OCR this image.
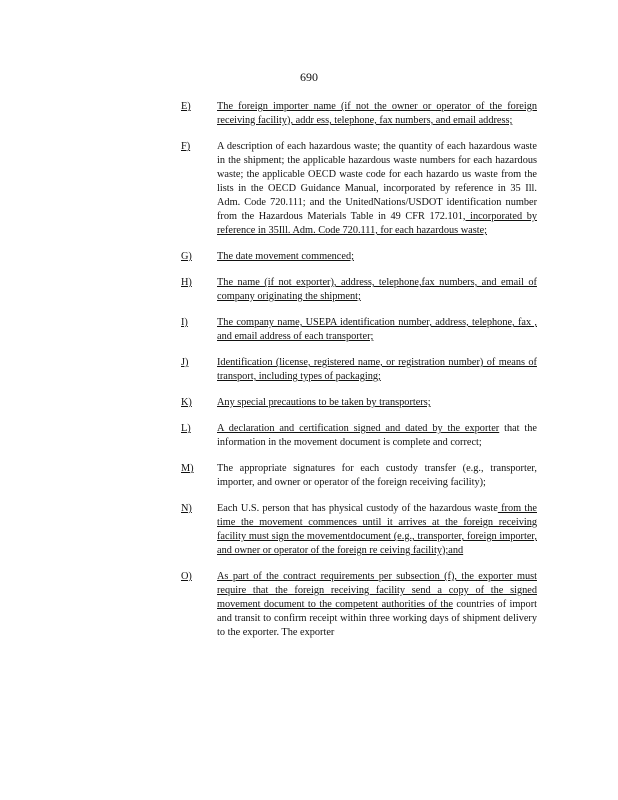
690
E)	The foreign importer name (if not the owner or operator of the foreign receiving facility), addr ess, telephone, fax numbers, and email address;
F)	A description of each hazardous waste; the quantity of each hazardous waste in the shipment; the applicable hazardous waste numbers for each hazardous waste; the applicable OECD waste code for each hazardo us waste from the lists in the OECD Guidance Manual, incorporated by reference in 35 Ill. Adm. Code 720.111; and the UnitedNations/USDOT identification number from the Hazardous Materials Table in 49 CFR 172.101, incorporated by reference in 35Ill. Adm. Code 720.111, for each hazardous waste;
G)	The date movement commenced;
H)	The name (if not exporter), address, telephone,fax numbers, and email of company originating the shipment;
I)	The company name, USEPA identification number, address, telephone, fax , and email address of each transporter;
J)	Identification (license, registered name, or registration number) of means of transport, including types of packaging;
K)	Any special precautions to be taken by transporters;
L)	A declaration and certification signed and dated by the exporter that the information in the movement document is complete and correct;
M)	The appropriate signatures for each custody transfer (e.g., transporter, importer, and owner or operator of the foreign receiving facility);
N)	Each U.S. person that has physical custody of the hazardous waste from the time the movement commences until it arrives at the foreign receiving facility must sign the movementdocument (e.g., transporter, foreign importer, and owner or operator of the foreign re ceiving facility);and
O)	As part of the contract requirements per subsection (f), the exporter must require that the foreign receiving facility send a copy of the signed movement document to the competent authorities of the countries of import and transit to confirm receipt within three working days of shipment delivery to the exporter. The exporter
